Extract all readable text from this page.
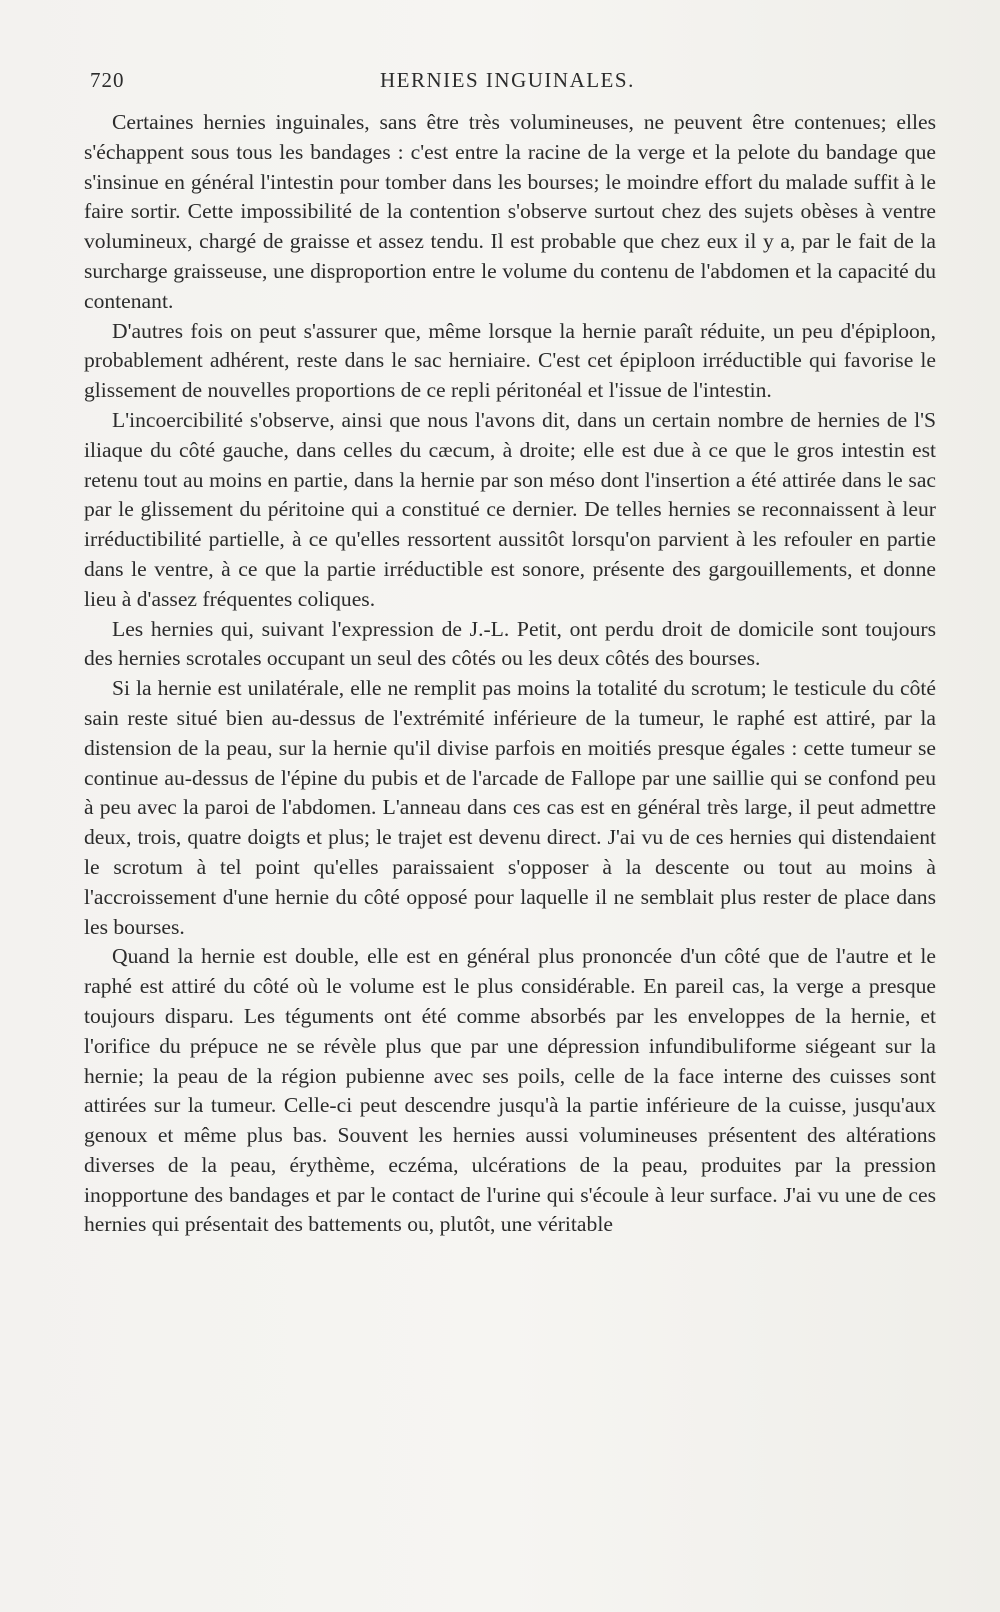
720	HERNIES INGUINALES.

Certaines hernies inguinales, sans être très volumineuses, ne peuvent être contenues; elles s'échappent sous tous les bandages : c'est entre la racine de la verge et la pelote du bandage que s'insinue en général l'intestin pour tomber dans les bourses; le moindre effort du malade suffit à le faire sortir. Cette impossibilité de la contention s'observe surtout chez des sujets obèses à ventre volumineux, chargé de graisse et assez tendu. Il est probable que chez eux il y a, par le fait de la surcharge graisseuse, une disproportion entre le volume du contenu de l'abdomen et la capacité du contenant.

D'autres fois on peut s'assurer que, même lorsque la hernie paraît réduite, un peu d'épiploon, probablement adhérent, reste dans le sac herniaire. C'est cet épiploon irréductible qui favorise le glissement de nouvelles proportions de ce repli péritonéal et l'issue de l'intestin.

L'incoercibilité s'observe, ainsi que nous l'avons dit, dans un certain nombre de hernies de l'S iliaque du côté gauche, dans celles du cæcum, à droite; elle est due à ce que le gros intestin est retenu tout au moins en partie, dans la hernie par son méso dont l'insertion a été attirée dans le sac par le glissement du péritoine qui a constitué ce dernier. De telles hernies se reconnaissent à leur irréductibilité partielle, à ce qu'elles ressortent aussitôt lorsqu'on parvient à les refouler en partie dans le ventre, à ce que la partie irréductible est sonore, présente des gargouillements, et donne lieu à d'assez fréquentes coliques.

Les hernies qui, suivant l'expression de J.-L. Petit, ont perdu droit de domicile sont toujours des hernies scrotales occupant un seul des côtés ou les deux côtés des bourses.

Si la hernie est unilatérale, elle ne remplit pas moins la totalité du scrotum; le testicule du côté sain reste situé bien au-dessus de l'extrémité inférieure de la tumeur, le raphé est attiré, par la distension de la peau, sur la hernie qu'il divise parfois en moitiés presque égales : cette tumeur se continue au-dessus de l'épine du pubis et de l'arcade de Fallope par une saillie qui se confond peu à peu avec la paroi de l'abdomen. L'anneau dans ces cas est en général très large, il peut admettre deux, trois, quatre doigts et plus; le trajet est devenu direct. J'ai vu de ces hernies qui distendaient le scrotum à tel point qu'elles paraissaient s'opposer à la descente ou tout au moins à l'accroissement d'une hernie du côté opposé pour laquelle il ne semblait plus rester de place dans les bourses.

Quand la hernie est double, elle est en général plus prononcée d'un côté que de l'autre et le raphé est attiré du côté où le volume est le plus considérable. En pareil cas, la verge a presque toujours disparu. Les téguments ont été comme absorbés par les enveloppes de la hernie, et l'orifice du prépuce ne se révèle plus que par une dépression infundibuliforme siégeant sur la hernie; la peau de la région pubienne avec ses poils, celle de la face interne des cuisses sont attirées sur la tumeur. Celle-ci peut descendre jusqu'à la partie inférieure de la cuisse, jusqu'aux genoux et même plus bas. Souvent les hernies aussi volumineuses présentent des altérations diverses de la peau, érythème, eczéma, ulcérations de la peau, produites par la pression inopportune des bandages et par le contact de l'urine qui s'écoule à leur surface. J'ai vu une de ces hernies qui présentait des battements ou, plutôt, une véritable
